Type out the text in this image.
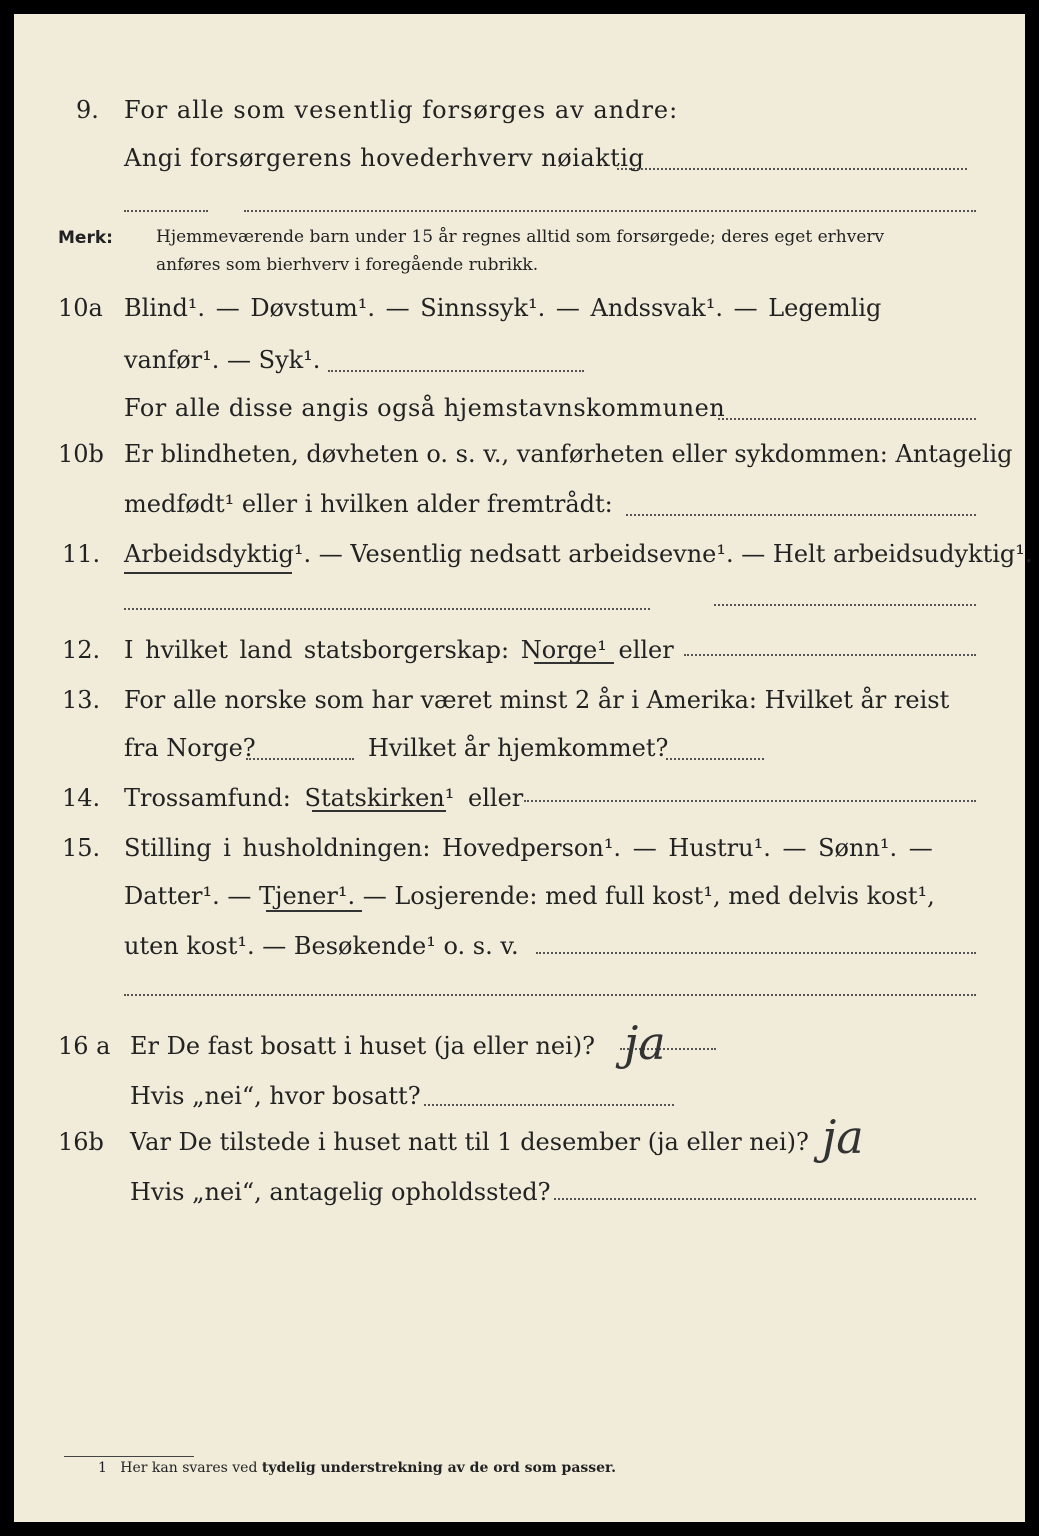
9. For alle som vesentlig forsørges av andre:
Angi forsørgerens hovederhverv nøiaktig
Merk:	Hjemmeværende barn under 15 år regnes alltid som forsørgede; deres eget erhverv
anføres som bierhverv i foregående rubrikk.
10a Blind¹. — Døvstum¹. — Sinnssyk¹. — Andssvak¹. — Legemlig
vanfør¹. — Syk¹.
For alle disse angis også hjemstavnskommunen
10b Er blindheten, døvheten o. s. v., vanførheten eller sykdommen: Antagelig
medfødt¹ eller i hvilken alder fremtrådt:
11. Arbeidsdyktig¹. — Vesentlig nedsatt arbeidsevne¹. — Helt arbeidsudyktig¹.
12. I hvilket land statsborgerskap: Norge¹ eller
13. For alle norske som har været minst 2 år i Amerika: Hvilket år reist
fra Norge?	Hvilket år hjemkommet?
14. Trossamfund: Statskirken¹ eller
15. Stilling i husholdningen: Hovedperson¹. — Hustru¹. — Sønn¹. —
Datter¹. — Tjener¹. — Losjerende: med full kost¹, med delvis kost¹,
uten kost¹. — Besøkende¹ o. s. v.
16 a Er De fast bosatt i huset (ja eller nei)? ja
Hvis „nei“, hvor bosatt?
16b Var De tilstede i huset natt til 1 desember (ja eller nei)? ja
Hvis „nei“, antagelig opholdssted?
1 Her kan svares ved tydelig understrekning av de ord som passer.
